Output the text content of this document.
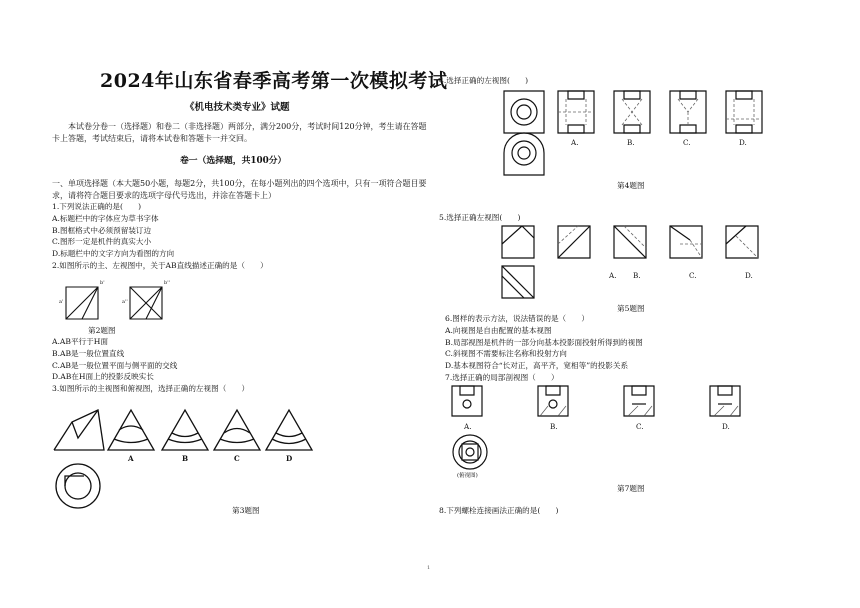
2024年山东省春季高考第一次模拟考试
《机电技术类专业》试题
本试卷分卷一（选择题）和卷二（非选择题）两部分，满分200分，考试时间120分钟，考生请在答题卡上答题，考试结束后，请将本试卷和答题卡一并交回。
卷一（选择题，共100分）
一、单项选择题（本大题50小题，每题2分，共100分，在每小题列出的四个选项中，只有一项符合题目要求，请将符合题目要求的选项字母代号选出，并涂在答题卡上）
1.下列说法正确的是(　　)
A.标题栏中的字体应为草书字体
B.图框格式中必须预留装订边
C.图形一定是机件的真实大小
D.标题栏中的文字方向为看图的方向
2.如图所示的主、左视图中，关于AB直线描述正确的是（　　）
a'
b'
a''
b''
第2题图
A.AB平行于H面
B.AB是一般位置直线
C.AB是一般位置平面与侧平面的交线
D.AB在H面上的投影反映实长
3.如图所示的主视图和俯视图，选择正确的左视图（　　）
A	B	C	D
第3题图
4.选择正确的左视图(　　)
A.	B.	C.	D.
第4题图
5.选择正确左视图(　　)
A. B.	C.	D.
第5题图
6.图样的表示方法，说法错误的是（　　）
A.向视图是自由配置的基本视图
B.局部视图是机件的一部分向基本投影面投射所得到的视图
C.斜视图不需要标注名称和投射方向
D.基本视图符合“长对正，高平齐，宽相等”的投影关系
7.选择正确的局部剖视图（　　）
A.	B.	C.	D.
(俯视图)
第7题图
8.下列螺栓连接画法正确的是(　　)
1
